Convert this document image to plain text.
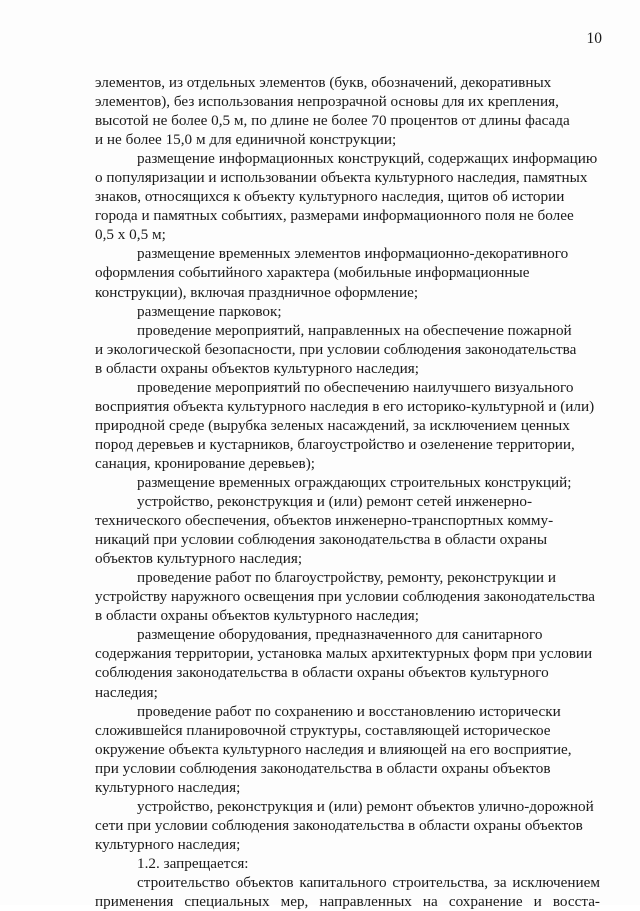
10

элементов, из отдельных элементов (букв, обозначений, декоративных
элементов), без использования непрозрачной основы для их крепления,
высотой не более 0,5 м, по длине не более 70 процентов от длины фасада
и не более 15,0 м для единичной конструкции;

размещение информационных конструкций, содержащих информацию
о популяризации и использовании объекта культурного наследия, памятных
знаков, относящихся к объекту культурного наследия, щитов об истории
города и памятных событиях, размерами информационного поля не более
0,5 х 0,5 м;

размещение временных элементов информационно-декоративного
оформления событийного характера (мобильные информационные
конструкции), включая праздничное оформление;

размещение парковок;

проведение мероприятий, направленных на обеспечение пожарной
и экологической безопасности, при условии соблюдения законодательства
в области охраны объектов культурного наследия;

проведение мероприятий по обеспечению наилучшего визуального
восприятия объекта культурного наследия в его историко-культурной и (или)
природной среде (вырубка зеленых насаждений, за исключением ценных
пород деревьев и кустарников, благоустройство и озеленение территории,
санация, кронирование деревьев);

размещение временных ограждающих строительных конструкций;

устройство, реконструкция и (или) ремонт сетей инженерно-
технического обеспечения, объектов инженерно-транспортных комму-
никаций при условии соблюдения законодательства в области охраны
объектов культурного наследия;

проведение работ по благоустройству, ремонту, реконструкции и
устройству наружного освещения при условии соблюдения законодательства
в области охраны объектов культурного наследия;

размещение оборудования, предназначенного для санитарного
содержания территории, установка малых архитектурных форм при условии
соблюдения законодательства в области охраны объектов культурного
наследия;

проведение работ по сохранению и восстановлению исторически
сложившейся планировочной структуры, составляющей историческое
окружение объекта культурного наследия и влияющей на его восприятие,
при условии соблюдения законодательства в области охраны объектов
культурного наследия;

устройство, реконструкция и (или) ремонт объектов улично-дорожной
сети при условии соблюдения законодательства в области охраны объектов
культурного наследия;

1.2. запрещается:

строительство объектов капитального строительства, за исключением
применения специальных мер, направленных на сохранение и восста-
